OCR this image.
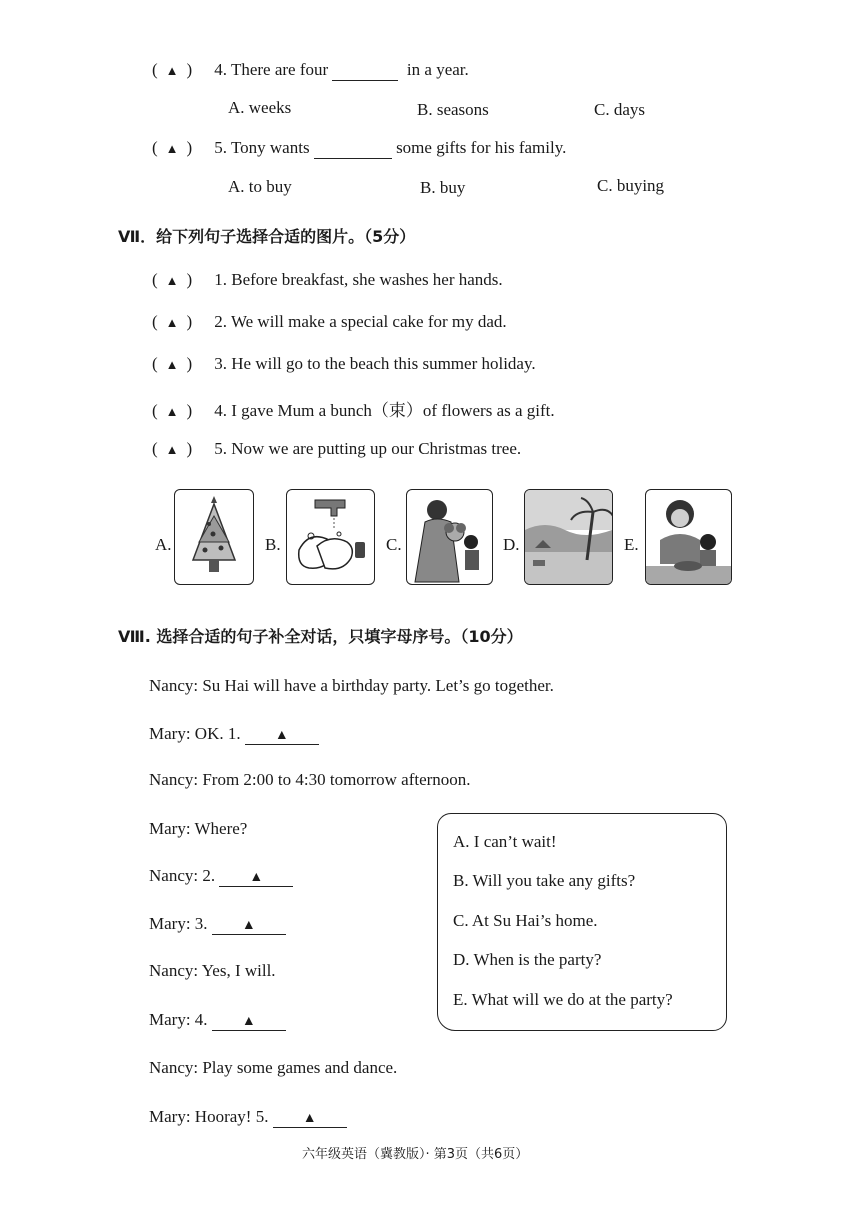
( ▲ ) 4. There are four	in a year.
A. weeks	B. seasons	C. days
( ▲ ) 5. Tony wants	some gifts for his family.
A. to buy	B. buy	C. buying
Ⅶ．给下列句子选择合适的图片。（5分）
( ▲ ) 1. Before breakfast, she washes her hands.
( ▲ ) 2. We will make a special cake for my dad.
( ▲ ) 3. He will go to the beach this summer holiday.
( ▲ ) 4. I gave Mum a bunch（束）of flowers as a gift.
( ▲ ) 5. Now we are putting up our Christmas tree.
A.	B.	C.	D.	E.
Ⅷ. 选择合适的句子补全对话，只填字母序号。（10分）
Nancy: Su Hai will have a birthday party. Let’s go together.
Mary: OK. 1. ▲
Nancy: From 2:00 to 4:30 tomorrow afternoon.
Mary: Where?
Nancy: 2. ▲
Mary: 3. ▲
Nancy: Yes, I will.
Mary: 4. ▲
Nancy: Play some games and dance.
Mary: Hooray! 5. ▲
A. I can’t wait!
B. Will you take any gifts?
C. At Su Hai’s home.
D. When is the party?
E. What will we do at the party?
六年级英语（冀教版）· 第3页（共6页）
